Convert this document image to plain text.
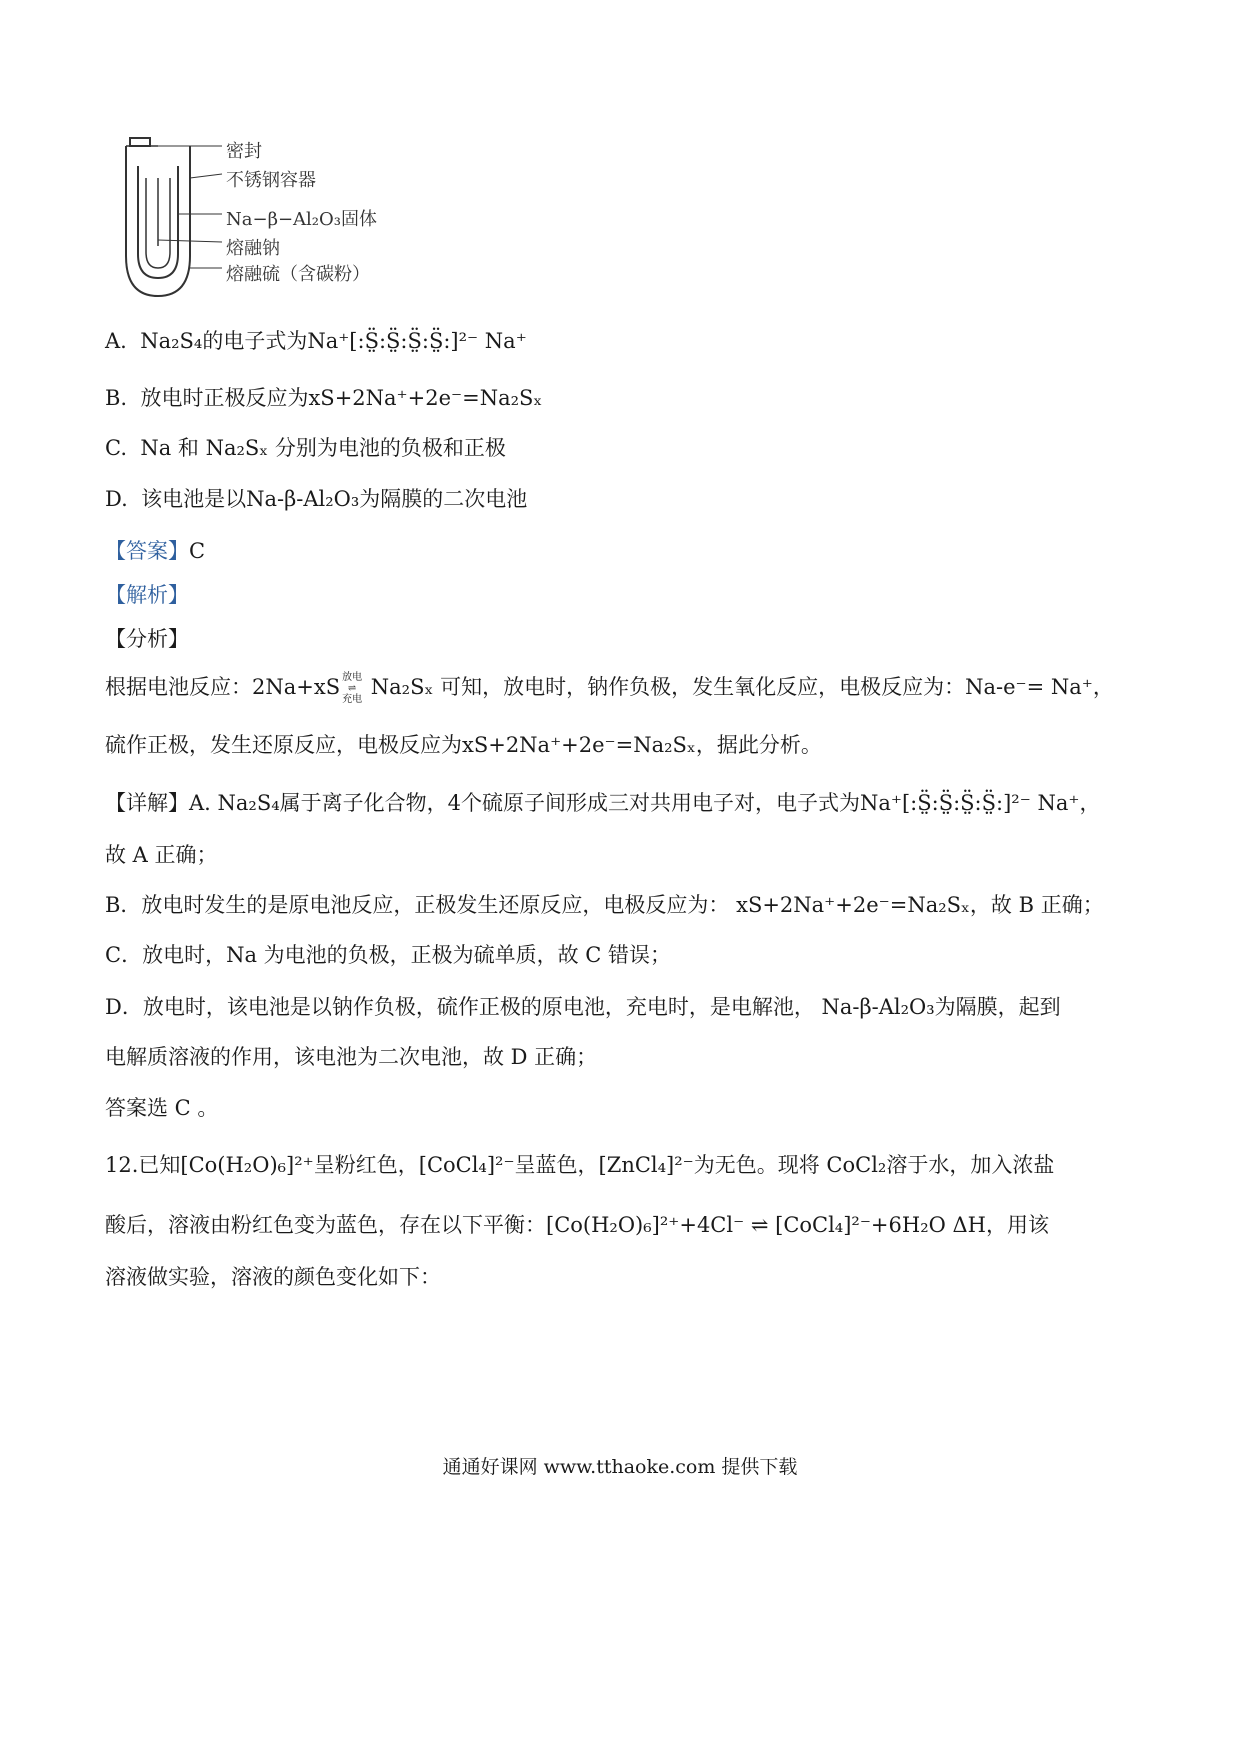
密封
不锈钢容器
Na−β−Al₂O₃固体
熔融钠
熔融硫（含碳粉）
A. Na₂S₄的电子式为Na⁺[:S̤̈:S̤̈:S̤̈:S̤̈:]²⁻ Na⁺
B. 放电时正极反应为xS+2Na⁺+2e⁻=Na₂Sₓ
C. Na 和 Na₂Sₓ 分别为电池的负极和正极
D. 该电池是以Na-β-Al₂O₃为隔膜的二次电池
【答案】C
【解析】
【分析】
根据电池反应：2Na+xS 放电
⇌
充电 Na₂Sₓ 可知，放电时，钠作负极，发生氧化反应，电极反应为：Na-e⁻= Na⁺，
硫作正极，发生还原反应，电极反应为xS+2Na⁺+2e⁻=Na₂Sₓ，据此分析。
【详解】A. Na₂S₄属于离子化合物，4个硫原子间形成三对共用电子对，电子式为Na⁺[:S̤̈:S̤̈:S̤̈:S̤̈:]²⁻ Na⁺，
故 A 正确；
B．放电时发生的是原电池反应，正极发生还原反应，电极反应为： xS+2Na⁺+2e⁻=Na₂Sₓ，故 B 正确；
C．放电时，Na 为电池的负极，正极为硫单质，故 C 错误；
D．放电时，该电池是以钠作负极，硫作正极的原电池，充电时，是电解池， Na-β-Al₂O₃为隔膜，起到
电解质溶液的作用，该电池为二次电池，故 D 正确；
答案选 C 。
12.已知[Co(H₂O)₆]²⁺呈粉红色，[CoCl₄]²⁻呈蓝色，[ZnCl₄]²⁻为无色。现将 CoCl₂溶于水，加入浓盐
酸后，溶液由粉红色变为蓝色，存在以下平衡：[Co(H₂O)₆]²⁺+4Cl⁻ ⇌ [CoCl₄]²⁻+6H₂O ΔH，用该
溶液做实验，溶液的颜色变化如下：
通通好课网 www.tthaoke.com 提供下载
